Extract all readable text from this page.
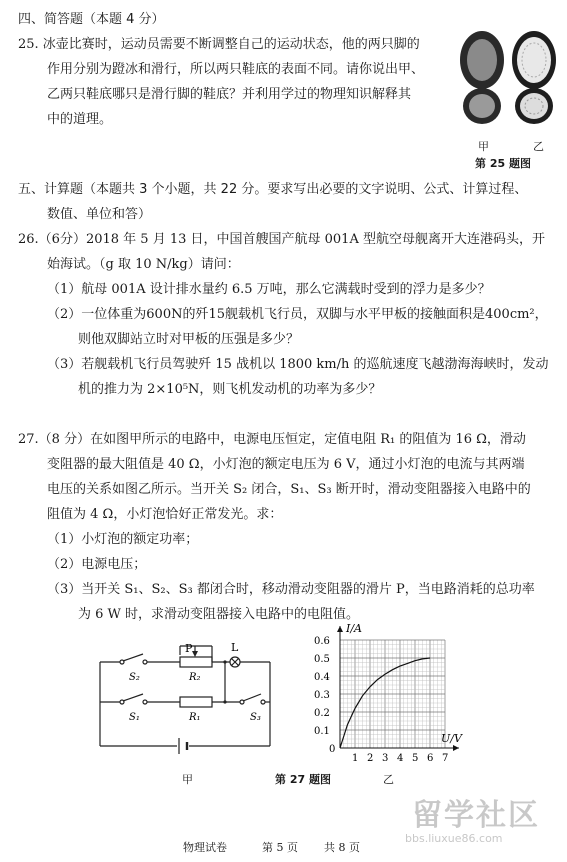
四、简答题（本题 4 分）
25. 冰壶比赛时，运动员需要不断调整自己的运动状态，他的两只脚的
作用分别为蹬冰和滑行，所以两只鞋底的表面不同。请你说出甲、
乙两只鞋底哪只是滑行脚的鞋底？并利用学过的物理知识解释其
中的道理。
甲	乙
第 25 题图
五、计算题（本题共 3 个小题，共 22 分。要求写出必要的文字说明、公式、计算过程、
数值、单位和答）
26.（6分）2018 年 5 月 13 日，中国首艘国产航母 001A 型航空母舰离开大连港码头，开
始海试。（g 取 10 N/kg）请问：
（1）航母 001A 设计排水量约 6.5 万吨，那么它满载时受到的浮力是多少？
（2）一位体重为600N的歼15舰载机飞行员，双脚与水平甲板的接触面积是400cm²，
则他双脚站立时对甲板的压强是多少？
（3）若舰载机飞行员驾驶歼 15 战机以 1800 km/h 的巡航速度飞越渤海海峡时，发动
机的推力为 2×10⁵N，则飞机发动机的功率为多少？
27.（8 分）在如图甲所示的电路中，电源电压恒定，定值电阻 R₁ 的阻值为 16 Ω，滑动
变阻器的最大阻值是 40 Ω，小灯泡的额定电压为 6 V，通过小灯泡的电流与其两端
电压的关系如图乙所示。当开关 S₂ 闭合，S₁、S₃ 断开时，滑动变阻器接入电路中的
阻值为 4 Ω，小灯泡恰好正常发光。求：
（1）小灯泡的额定功率；
（2）电源电压；
（3）当开关 S₁、S₂、S₃ 都闭合时，移动滑动变阻器的滑片 P，当电路消耗的总功率
为 6 W 时，求滑动变阻器接入电路中的电阻值。
P	L
S₂	R₂
S₁	R₁	S₃
U/V
I/A
0
1 2 3 4 5 6 7
0.1
0.2
0.3
0.4
0.5
0.6
甲	第 27 题图	乙
物理试卷	第 5 页 共 8 页
留学社区
bbs.liuxue86.com
